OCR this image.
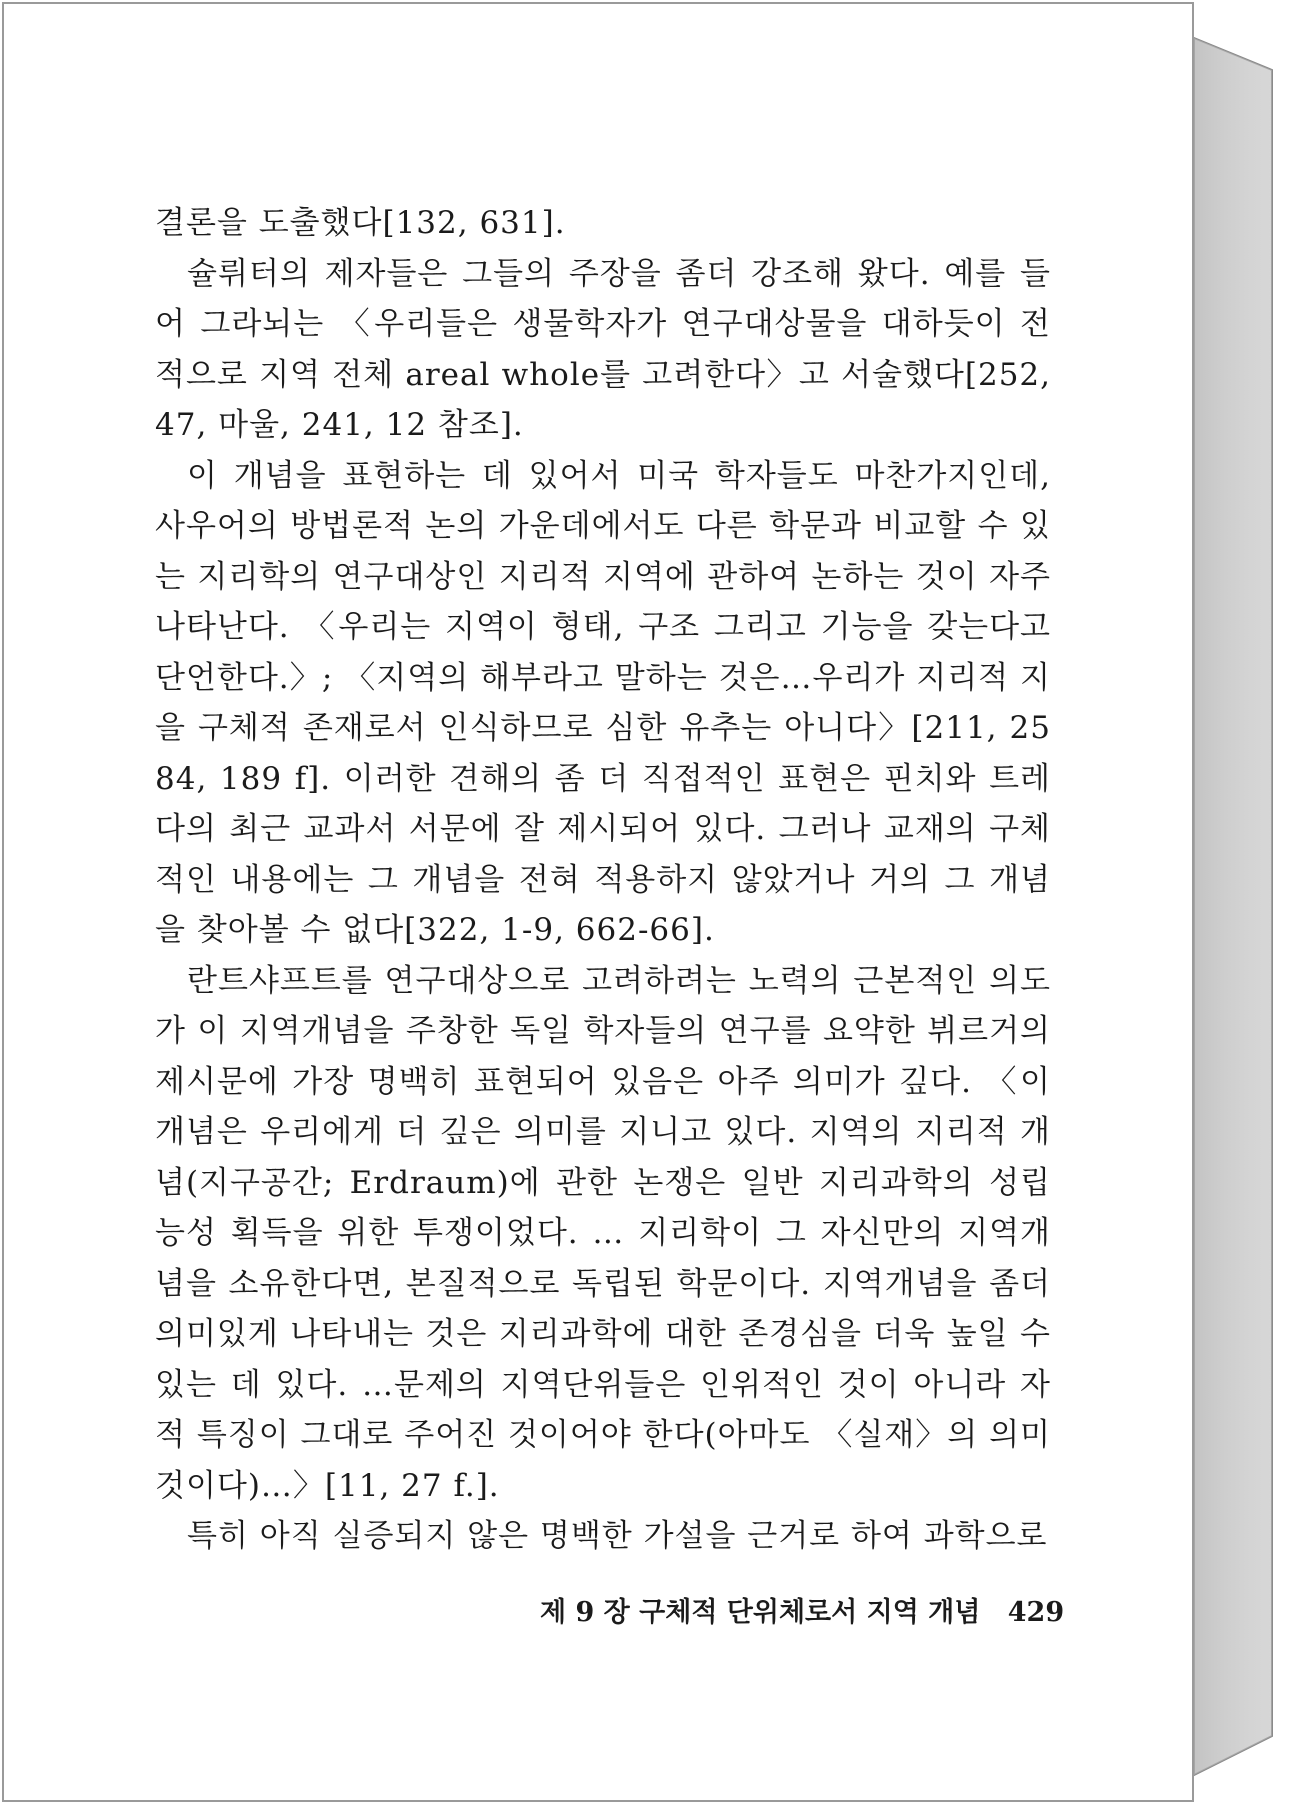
결론을 도출했다[132, 631].
슐뤼터의 제자들은 그들의 주장을 좀더 강조해 왔다. 예를 들
어 그라뇌는 〈우리들은 생물학자가 연구대상물을 대하듯이 전
적으로 지역 전체 areal whole를 고려한다〉고 서술했다[252,
47, 마울, 241, 12 참조].
이 개념을 표현하는 데 있어서 미국 학자들도 마찬가지인데,
사우어의 방법론적 논의 가운데에서도 다른 학문과 비교할 수 있
는 지리학의 연구대상인 지리적 지역에 관하여 논하는 것이 자주
나타난다. 〈우리는 지역이 형태, 구조 그리고 기능을 갖는다고
단언한다.〉; 〈지역의 해부라고 말하는 것은…우리가 지리적 지
을 구체적 존재로서 인식하므로 심한 유추는 아니다〉[211, 25
84, 189 f]. 이러한 견해의 좀 더 직접적인 표현은 핀치와 트레
다의 최근 교과서 서문에 잘 제시되어 있다. 그러나 교재의 구체
적인 내용에는 그 개념을 전혀 적용하지 않았거나 거의 그 개념
을 찾아볼 수 없다[322, 1-9, 662-66].
란트샤프트를 연구대상으로 고려하려는 노력의 근본적인 의도
가 이 지역개념을 주창한 독일 학자들의 연구를 요약한 뷔르거의
제시문에 가장 명백히 표현되어 있음은 아주 의미가 깊다. 〈이
개념은 우리에게 더 깊은 의미를 지니고 있다. 지역의 지리적 개
념(지구공간; Erdraum)에 관한 논쟁은 일반 지리과학의 성립
능성 획득을 위한 투쟁이었다. … 지리학이 그 자신만의 지역개
념을 소유한다면, 본질적으로 독립된 학문이다. 지역개념을 좀더
의미있게 나타내는 것은 지리과학에 대한 존경심을 더욱 높일 수
있는 데 있다. …문제의 지역단위들은 인위적인 것이 아니라 자
적 특징이 그대로 주어진 것이어야 한다(아마도 〈실재〉의 의미
것이다)…〉[11, 27 f.].
특히 아직 실증되지 않은 명백한 가설을 근거로 하여 과학으로
제 9 장 구체적 단위체로서 지역 개념 429
